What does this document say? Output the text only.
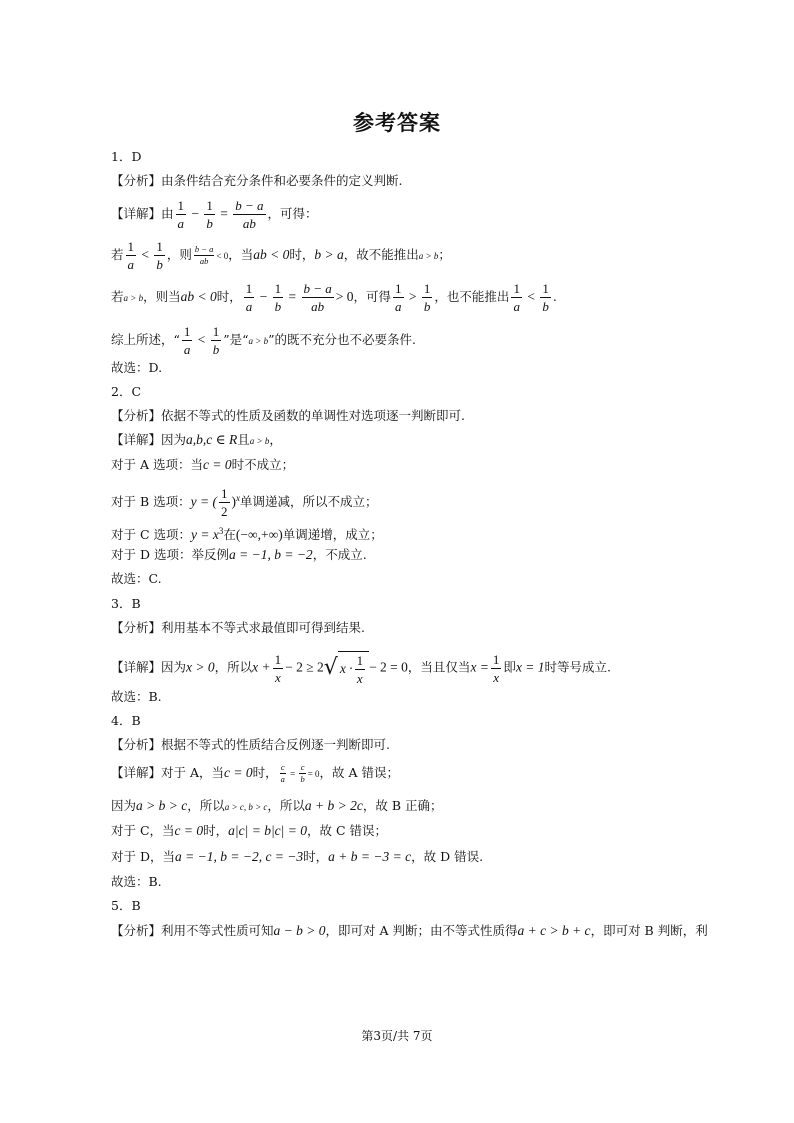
参考答案
1．D
【分析】由条件结合充分条件和必要条件的定义判断.
【详解】由 $\frac{1}{a} - \frac{1}{b} = \frac{b - a}{ab}$ ，可得：
若 $\frac{1}{a} < \frac{1}{b}$ ，则 $\frac{b - a}{ab} < 0$，当ab < 0时，b > a，故不能推出a > b；
若a > b，则当ab < 0时， $\frac{1}{a} - \frac{1}{b} = \frac{b - a}{ab} > 0$，可得 $\frac{1}{a} > \frac{1}{b}$ ，也不能推出 $\frac{1}{a} < \frac{1}{b}$ .
综上所述，“ $\frac{1}{a} < \frac{1}{b}$ ”是“a > b”的既不充分也不必要条件.
故选：D.
2．C
【分析】依据不等式的性质及函数的单调性对选项逐一判断即可.
【详解】因为a,b,c ∈ R且a > b，
对于 A 选项：当c = 0时不成立；
对于 B 选项：y = ( $\frac{1}{2} )^x$单调递减，所以不成立；
对于 C 选项：$y = x^3$在(−∞,+∞)单调递增，成立；
对于 D 选项：举反例a = −1, b = −2，不成立.
故选：C.
3．B
【分析】利用基本不等式求最值即可得到结果.
【详解】因为x > 0，所以$x + \frac{1}{x} - 2 \ge 2√$ $x \cdot \frac{1}{x} - 2 = 0$，当且仅当$x = \frac{1}{x}$ 即x = 1时等号成立.
故选：B.
4．B
【分析】根据不等式的性质结合反例逐一判断即可.
【详解】对于 A，当c = 0时， $\frac{c}{a} = \frac{c}{b} = 0$，故 A 错误；
因为a > b > c，所以a > c, b > c，所以a + b > 2c，故 B 正确；
对于 C，当c = 0时，a|c| = b|c| = 0，故 C 错误；
对于 D，当a = −1, b = −2, c = −3时，a + b = −3 = c，故 D 错误.
故选：B.
5．B
【分析】利用不等式性质可知a − b > 0，即可对 A 判断；由不等式性质得a + c > b + c，即可对 B 判断，利
第3页/共 7页
